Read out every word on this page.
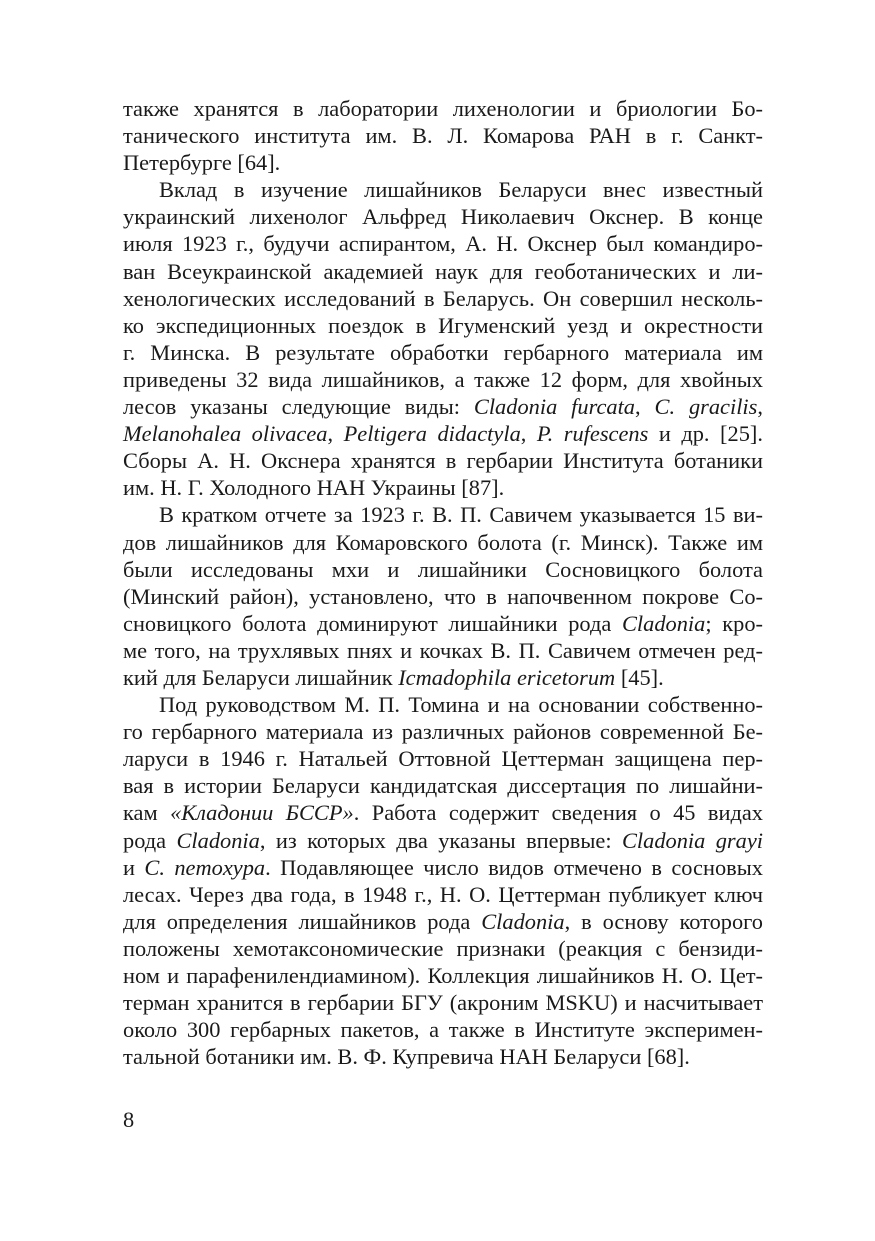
также хранятся в лаборатории лихенологии и бриологии Бо-
танического института им. В. Л. Комарова РАН в г. Санкт-
Петербурге [64].
Вклад в изучение лишайников Беларуси внес известный
украинский лихенолог Альфред Николаевич Окснер. В конце
июля 1923 г., будучи аспирантом, А. Н. Окснер был командиро-
ван Всеукраинской академией наук для геоботанических и ли-
хенологических исследований в Беларусь. Он совершил несколь-
ко экспедиционных поездок в Игуменский уезд и окрестности
г. Минска. В результате обработки гербарного материала им
приведены 32 вида лишайников, а также 12 форм, для хвойных
лесов указаны следующие виды: Cladonia furcata, C. gracilis,
Melanohalea olivacea, Peltigera didactyla, P. rufescens и др. [25].
Сборы А. Н. Окснера хранятся в гербарии Института ботаники
им. Н. Г. Холодного НАН Украины [87].
В кратком отчете за 1923 г. В. П. Савичем указывается 15 ви-
дов лишайников для Комаровского болота (г. Минск). Также им
были исследованы мхи и лишайники Сосновицкого болота
(Минский район), установлено, что в напочвенном покрове Со-
сновицкого болота доминируют лишайники рода Cladonia; кро-
ме того, на трухлявых пнях и кочках В. П. Савичем отмечен ред-
кий для Беларуси лишайник Icmadophila ericetorum [45].
Под руководством М. П. Томина и на основании собственно-
го гербарного материала из различных районов современной Бе-
ларуси в 1946 г. Натальей Оттовной Цеттерман защищена пер-
вая в истории Беларуси кандидатская диссертация по лишайни-
кам «Кладонии БССР». Работа содержит сведения о 45 видах
рода Cladonia, из которых два указаны впервые: Cladonia grayi
и C. nemoxypa. Подавляющее число видов отмечено в сосновых
лесах. Через два года, в 1948 г., Н. О. Цеттерман публикует ключ
для определения лишайников рода Cladonia, в основу которого
положены хемотаксономические признаки (реакция с бензиди-
ном и парафенилендиамином). Коллекция лишайников Н. О. Цет-
терман хранится в гербарии БГУ (акроним MSKU) и насчитывает
около 300 гербарных пакетов, а также в Институте эксперимен-
тальной ботаники им. В. Ф. Купревича НАН Беларуси [68].
8
